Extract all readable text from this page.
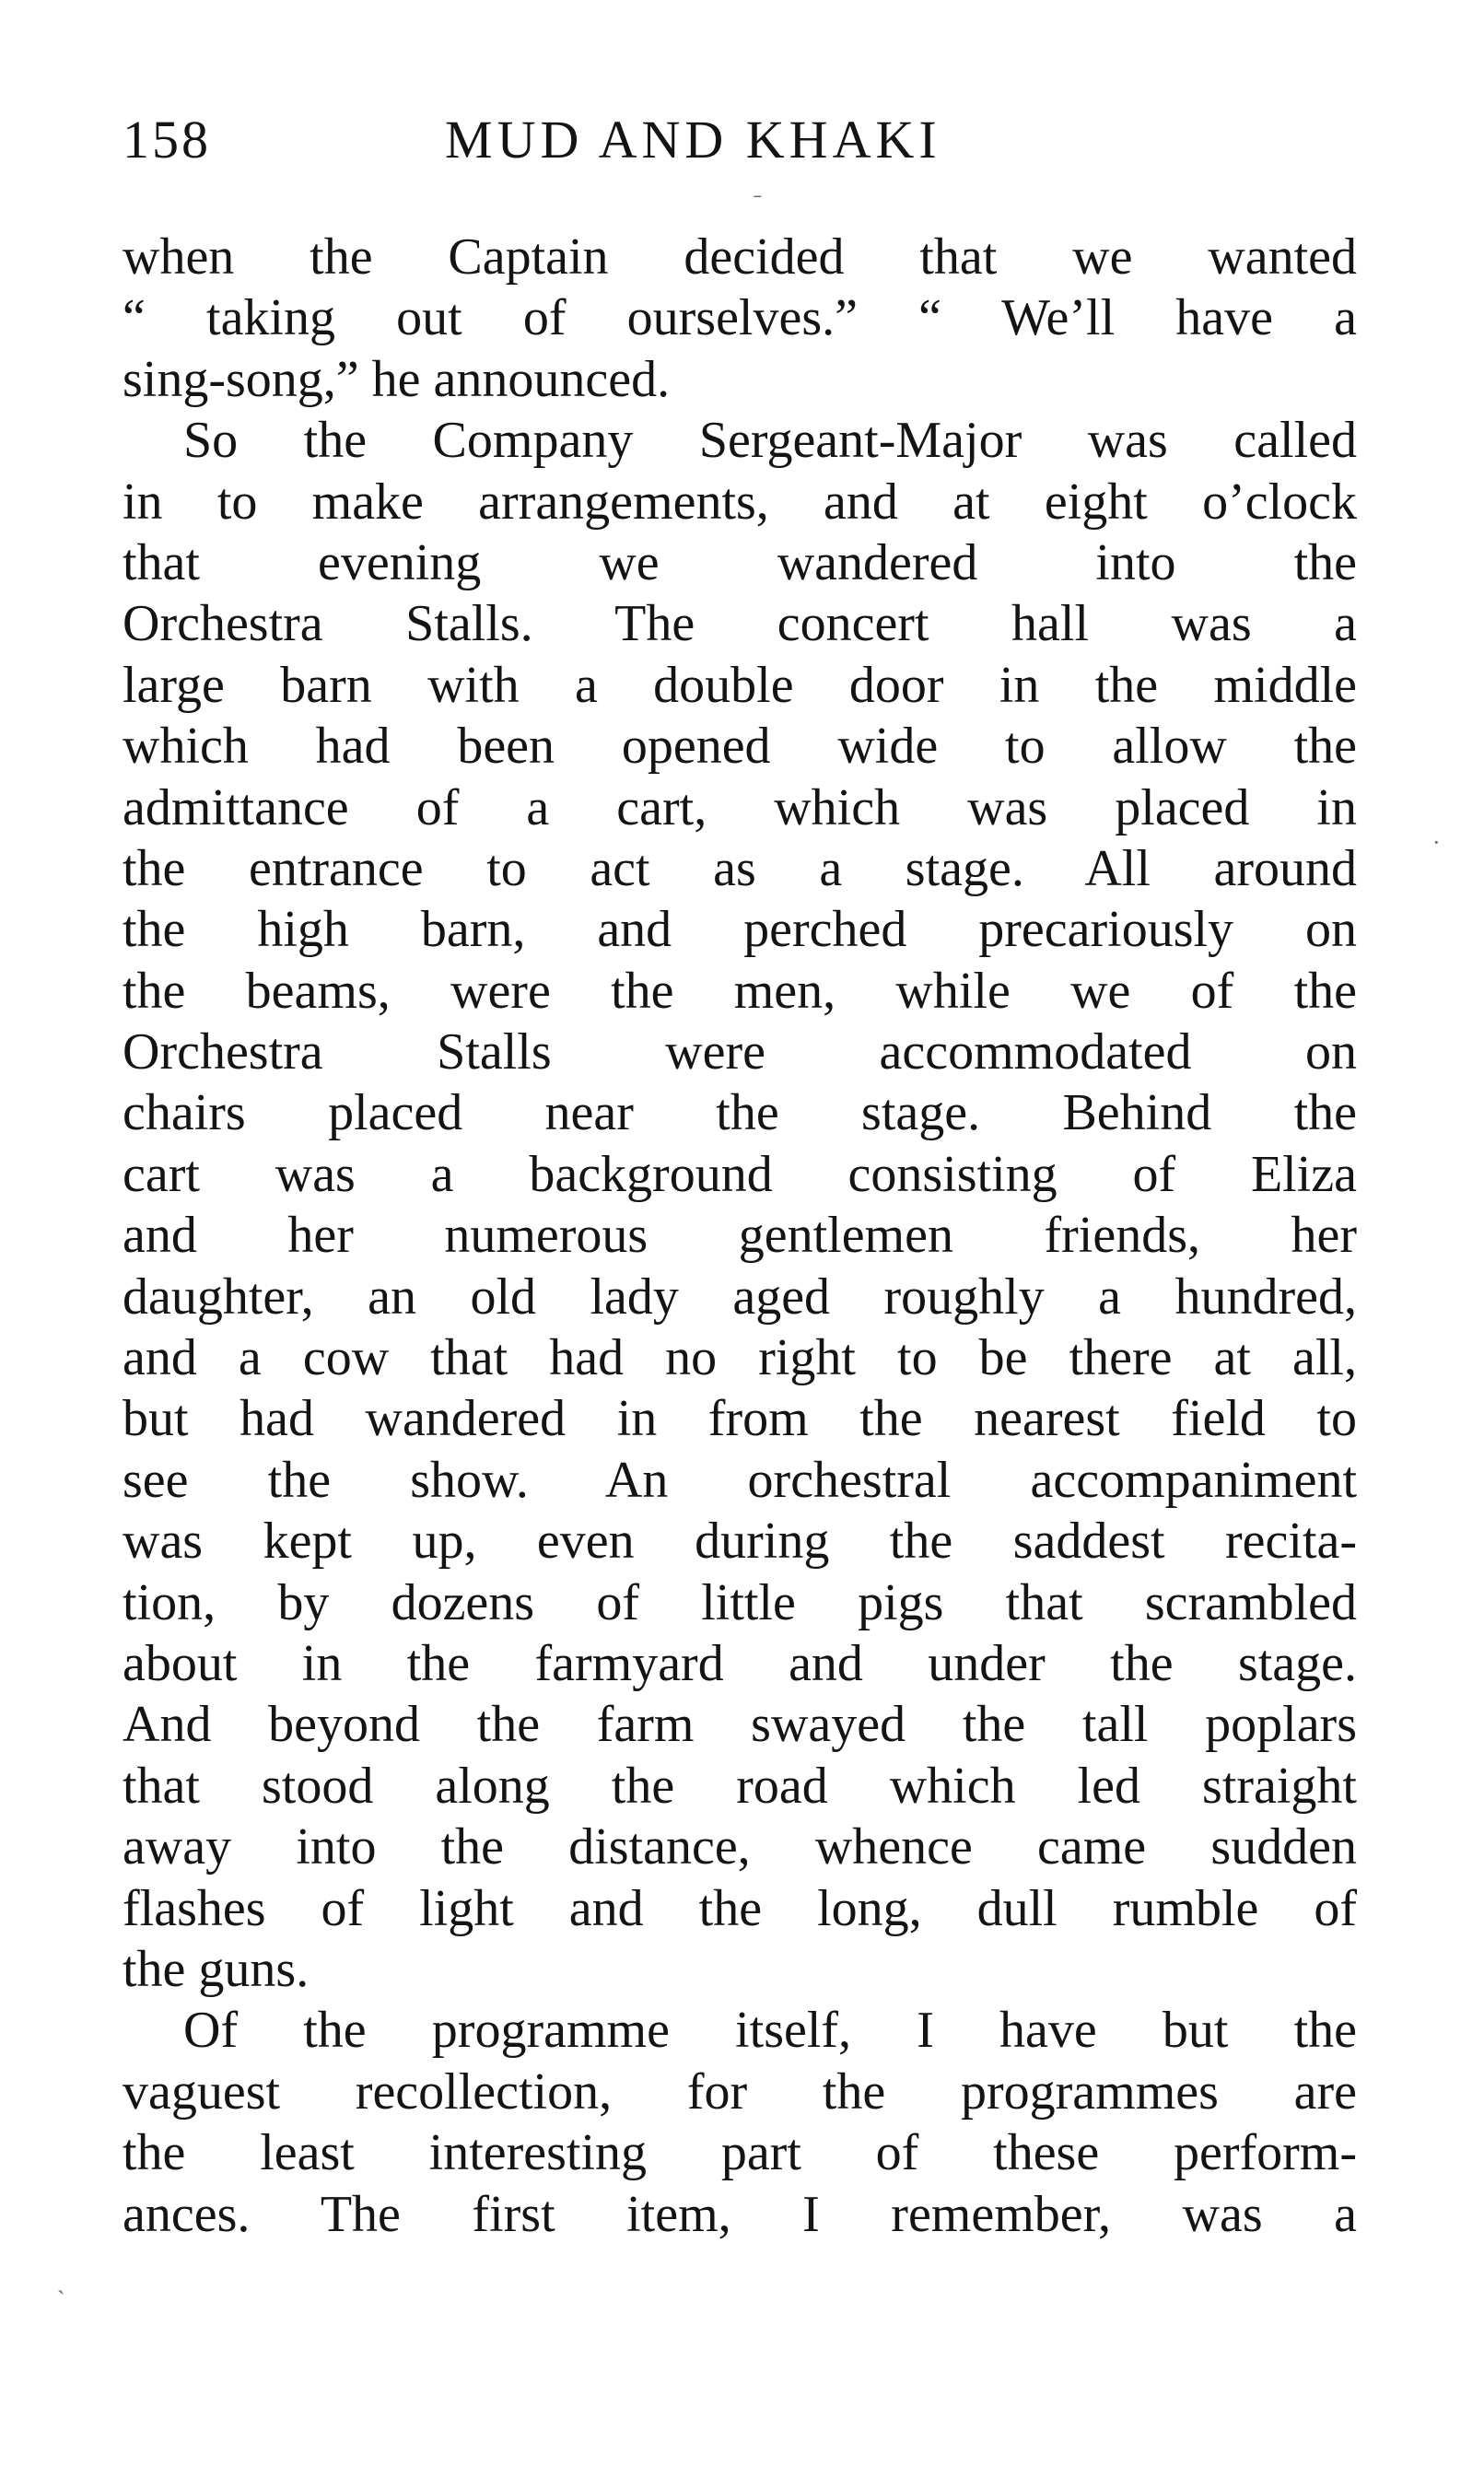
158	MUD AND KHAKI
when the Captain decided that we wanted
“ taking out of ourselves.” “ We’ll have a
sing-song,” he announced.
So the Company Sergeant-Major was called
in to make arrangements, and at eight o’clock
that evening we wandered into the
Orchestra Stalls. The concert hall was a
large barn with a double door in the middle
which had been opened wide to allow the
admittance of a cart, which was placed in
the entrance to act as a stage. All around
the high barn, and perched precariously on
the beams, were the men, while we of the
Orchestra Stalls were accommodated on
chairs placed near the stage. Behind the
cart was a background consisting of Eliza
and her numerous gentlemen friends, her
daughter, an old lady aged roughly a hundred,
and a cow that had no right to be there at all,
but had wandered in from the nearest field to
see the show. An orchestral accompaniment
was kept up, even during the saddest recita-
tion, by dozens of little pigs that scrambled
about in the farmyard and under the stage.
And beyond the farm swayed the tall poplars
that stood along the road which led straight
away into the distance, whence came sudden
flashes of light and the long, dull rumble of
the guns.
Of the programme itself, I have but the
vaguest recollection, for the programmes are
the least interesting part of these perform-
ances. The first item, I remember, was a
ˉ
·
ˎ
